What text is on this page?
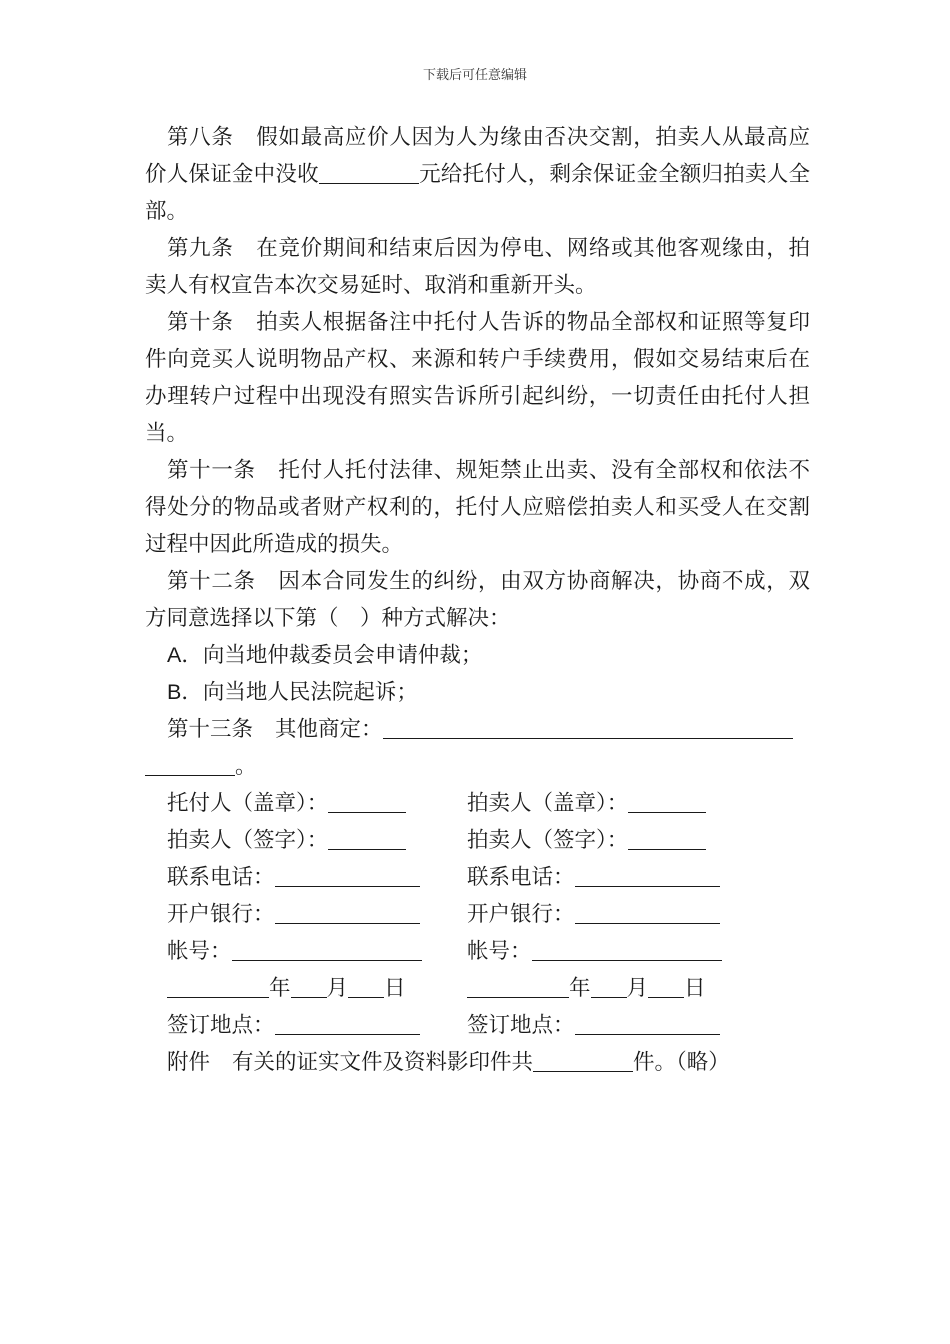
下载后可任意编辑

第八条 假如最高应价人因为人为缘由否决交割，拍卖人从最高应价人保证金中没收	元给托付人，剩余保证金全额归拍卖人全部。

第九条 在竞价期间和结束后因为停电、网络或其他客观缘由，拍卖人有权宣告本次交易延时、取消和重新开头。

第十条 拍卖人根据备注中托付人告诉的物品全部权和证照等复印件向竞买人说明物品产权、来源和转户手续费用，假如交易结束后在办理转户过程中出现没有照实告诉所引起纠纷，一切责任由托付人担当。

第十一条 托付人托付法律、规矩禁止出卖、没有全部权和依法不得处分的物品或者财产权利的，托付人应赔偿拍卖人和买受人在交割过程中因此所造成的损失。

第十二条 因本合同发生的纠纷，由双方协商解决，协商不成，双方同意选择以下第（　）种方式解决：

A．向当地仲裁委员会申请仲裁；

B．向当地人民法院起诉；

第十三条 其他商定：

。

托付人（盖章）：	拍卖人（盖章）：
拍卖人（签字）：	拍卖人（签字）：
联系电话：	联系电话：
开户银行：	开户银行：
帐号：	帐号：
年 月 日	年 月 日
签订地点：	签订地点：

附件 有关的证实文件及资料影印件共	件。（略）
